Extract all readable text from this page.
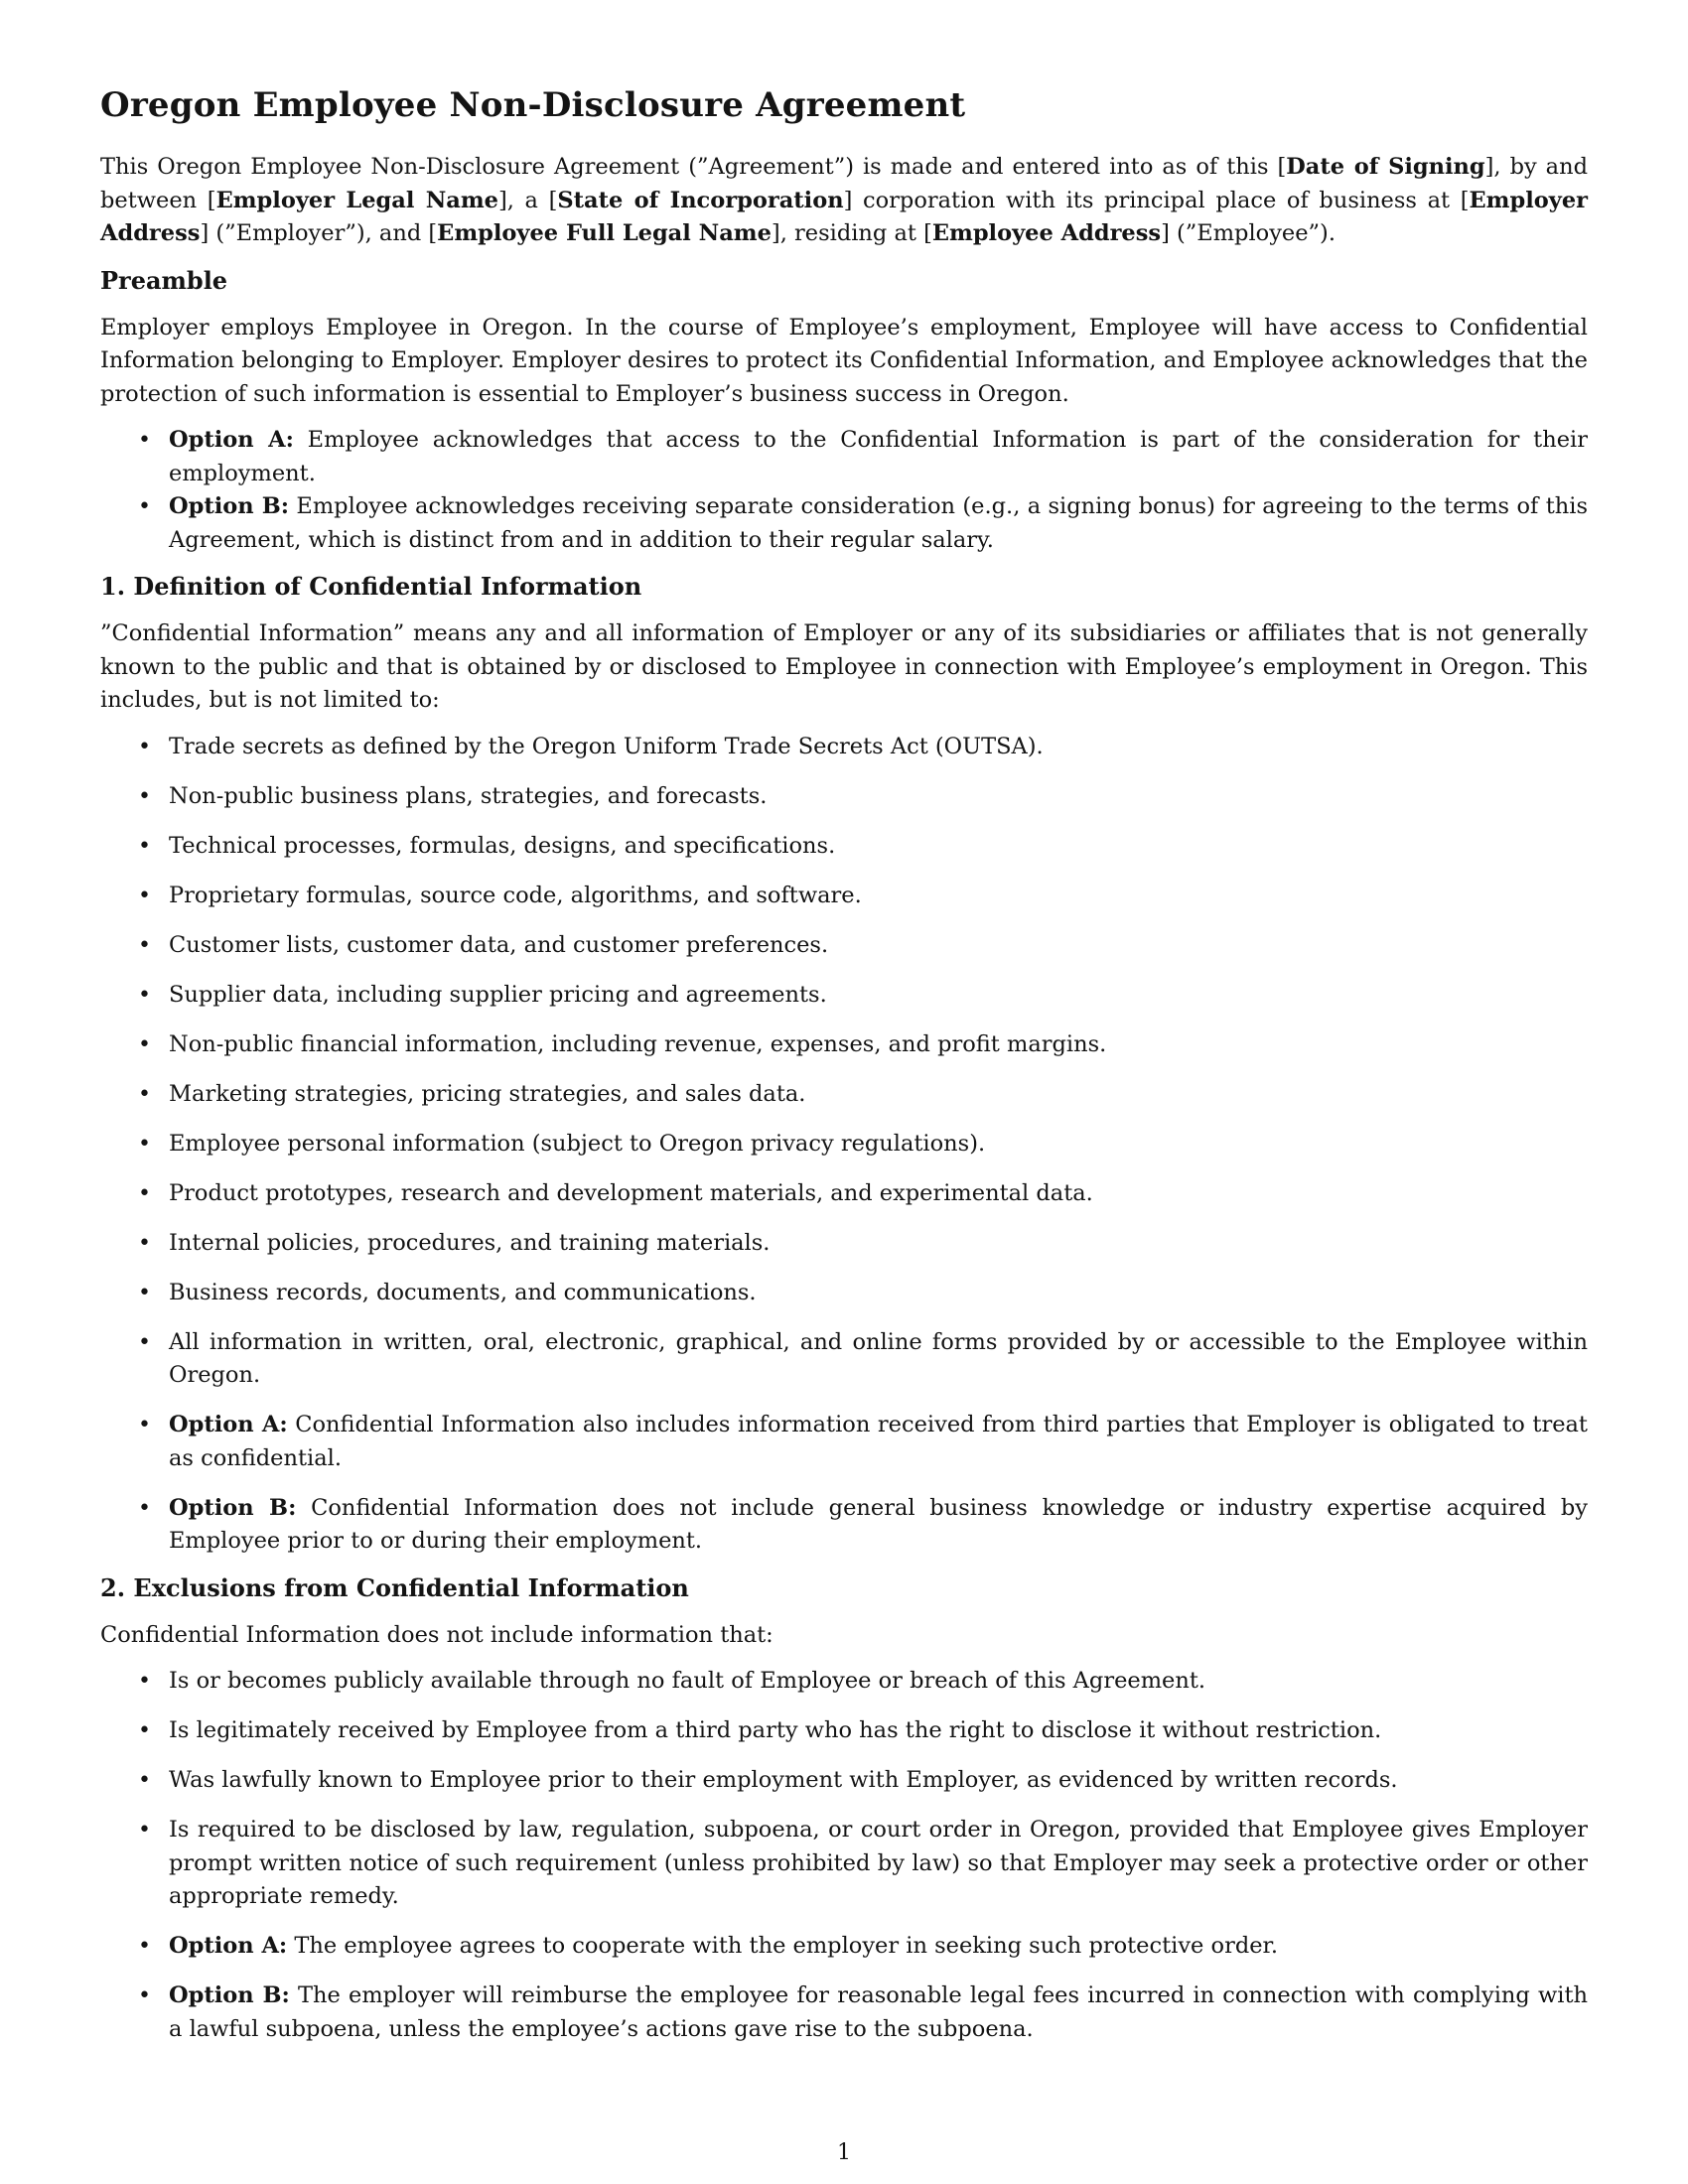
Oregon Employee Non-Disclosure Agreement

This Oregon Employee Non-Disclosure Agreement (”Agreement”) is made and entered into as of this [Date of Signing], by and between [Employer Legal Name], a [State of Incorporation] corporation with its principal place of business at [Employer Address] (”Employer”), and [Employee Full Legal Name], residing at [Employee Address] (”Employee”).

Preamble

Employer employs Employee in Oregon. In the course of Employee’s employment, Employee will have access to Confidential Information belonging to Employer. Employer desires to protect its Confidential Information, and Employee acknowledges that the protection of such information is essential to Employer’s business success in Oregon.

• Option A: Employee acknowledges that access to the Confidential Information is part of the consideration for their employment.
• Option B: Employee acknowledges receiving separate consideration (e.g., a signing bonus) for agreeing to the terms of this Agreement, which is distinct from and in addition to their regular salary.
1. Definition of Confidential Information

”Confidential Information” means any and all information of Employer or any of its subsidiaries or affiliates that is not generally known to the public and that is obtained by or disclosed to Employee in connection with Employee’s employment in Oregon. This includes, but is not limited to:

• Trade secrets as defined by the Oregon Uniform Trade Secrets Act (OUTSA).
• Non-public business plans, strategies, and forecasts.
• Technical processes, formulas, designs, and specifications.
• Proprietary formulas, source code, algorithms, and software.
• Customer lists, customer data, and customer preferences.
• Supplier data, including supplier pricing and agreements.
• Non-public financial information, including revenue, expenses, and profit margins.
• Marketing strategies, pricing strategies, and sales data.
• Employee personal information (subject to Oregon privacy regulations).
• Product prototypes, research and development materials, and experimental data.
• Internal policies, procedures, and training materials.
• Business records, documents, and communications.
• All information in written, oral, electronic, graphical, and online forms provided by or accessible to the Employee within Oregon.
• Option A: Confidential Information also includes information received from third parties that Employer is obligated to treat as confidential.
• Option B: Confidential Information does not include general business knowledge or industry expertise acquired by Employee prior to or during their employment.
2. Exclusions from Confidential Information

Confidential Information does not include information that:

• Is or becomes publicly available through no fault of Employee or breach of this Agreement.
• Is legitimately received by Employee from a third party who has the right to disclose it without restriction.
• Was lawfully known to Employee prior to their employment with Employer, as evidenced by written records.
• Is required to be disclosed by law, regulation, subpoena, or court order in Oregon, provided that Employee gives Employer prompt written notice of such requirement (unless prohibited by law) so that Employer may seek a protective order or other appropriate remedy.
• Option A: The employee agrees to cooperate with the employer in seeking such protective order.
• Option B: The employer will reimburse the employee for reasonable legal fees incurred in connection with complying with a lawful subpoena, unless the employee’s actions gave rise to the subpoena.
1
